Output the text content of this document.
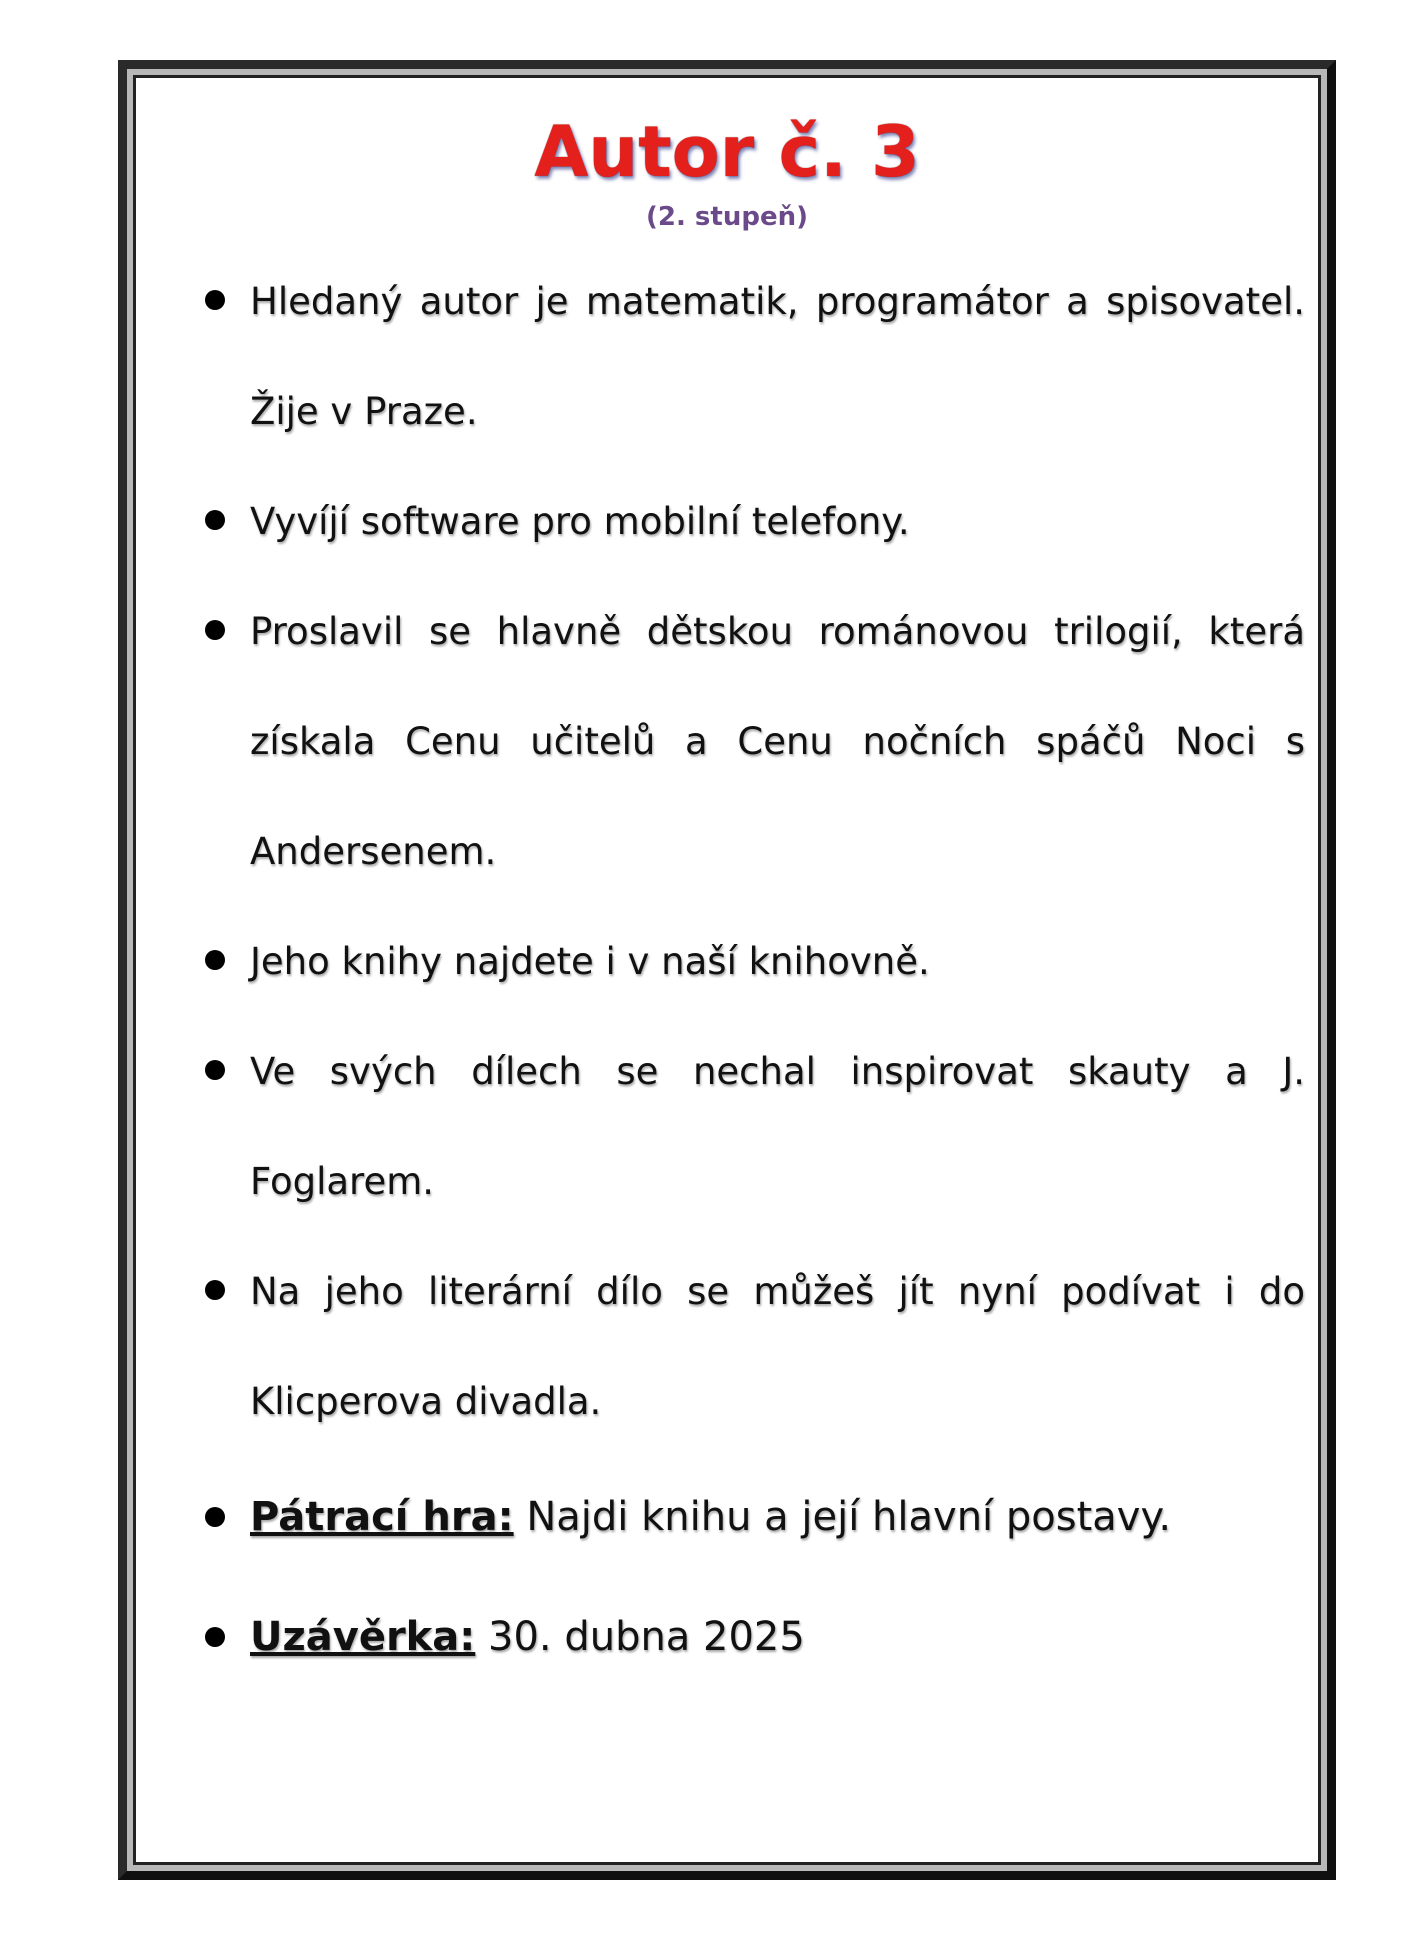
Autor č. 3
(2. stupeň)
Hledaný autor je matematik, programátor a spisovatel. Žije v Praze.
Vyvíjí software pro mobilní telefony.
Proslavil se hlavně dětskou románovou trilogií, která získala Cenu učitelů a Cenu nočních spáčů Noci s Andersenem.
Jeho knihy najdete i v naší knihovně.
Ve svých dílech se nechal inspirovat skauty a J. Foglarem.
Na jeho literární dílo se můžeš jít nyní podívat i do Klicperova divadla.
Pátrací hra: Najdi knihu a její hlavní postavy.
Uzávěrka: 30. dubna 2025
